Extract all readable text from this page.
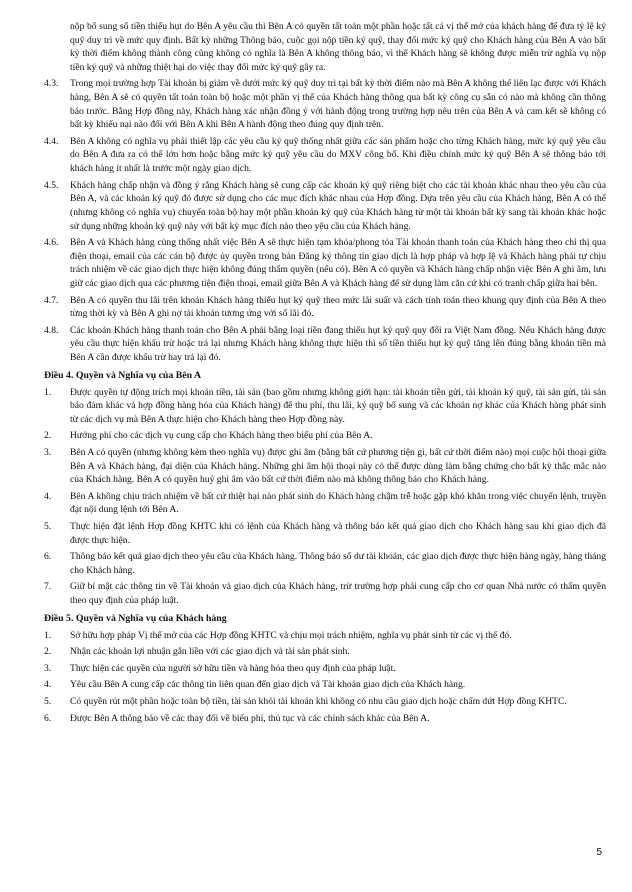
nộp bổ sung số tiền thiếu hụt do Bên A yêu cầu thì Bên A có quyền tất toán một phần hoặc tất cả vị thế mở của khách hàng để đưa tỷ lệ ký quỹ duy trì về mức quy định. Bất kỳ những Thông báo, cuộc gọi nộp tiền ký quỹ, thay đổi mức ký quỹ cho Khách hàng của Bên A vào bất kỳ thời điểm không thành công cũng không có nghĩa là Bên A không thông báo, vì thế Khách hàng sẽ không được miễn trừ nghĩa vụ nộp tiền ký quỹ và những thiệt hại do việc thay đổi mức ký quỹ gây ra.

4.3.	Trong mọi trường hợp Tài khoản bị giảm về dưới mức ký quỹ duy trì tại bất kỳ thời điểm nào mà Bên A không thể liên lạc được với Khách hàng, Bên A sẽ có quyền tất toán toàn bộ hoặc một phần vị thế của Khách hàng thông qua bất kỳ công cụ sẵn có nào mà không cần thông báo trước. Bằng Hợp đồng này, Khách hàng xác nhận đồng ý với hành động trong trường hợp nêu trên của Bên A và cam kết sẽ không có bất kỳ khiếu nại nào đối với Bên A khi Bên A hành động theo đúng quy định trên.
4.4.	Bên A không có nghĩa vụ phải thiết lập các yêu cầu ký quỹ thống nhất giữa các sản phẩm hoặc cho từng Khách hàng, mức ký quỹ yêu cầu do Bên A đưa ra có thể lớn hơn hoặc bằng mức ký quỹ yêu cầu do MXV công bố. Khi điều chỉnh mức ký quỹ Bên A sẽ thông báo tới khách hàng ít nhất là trước một ngày giao dịch.
4.5.	Khách hàng chấp nhận và đồng ý rằng Khách hàng sẽ cung cấp các khoản ký quỹ riêng biệt cho các tài khoản khác nhau theo yêu cầu của Bên A, và các khoản ký quỹ đó được sử dụng cho các mục đích khác nhau của Hợp đồng. Dựa trên yêu cầu của Khách hàng, Bên A có thể (nhưng không có nghĩa vụ) chuyển toàn bộ hay một phần khoản ký quỹ của Khách hàng từ một tài khoản bất kỳ sang tài khoản khác hoặc sử dụng những khoản ký quỹ này với bất kỳ mục đích nào theo yêu cầu của Khách hàng.
4.6.	Bên A và Khách hàng cùng thống nhất việc Bên A sẽ thực hiện tạm khóa/phong tỏa Tài khoản thanh toán của Khách hàng theo chỉ thị qua điện thoại, email của các cán bộ được ủy quyền trong bản Đăng ký thông tin giao dịch là hợp pháp và hợp lệ và Khách hàng phải tự chịu trách nhiệm về các giao dịch thực hiện không đúng thẩm quyền (nếu có). Bên A có quyền và Khách hàng chấp nhận việc Bên A ghi âm, lưu giữ các giao dịch qua các phương tiện điện thoại, email giữa Bên A và Khách hàng để sử dụng làm căn cứ khi có tranh chấp giữa hai bên.
4.7.	Bên A có quyền thu lãi trên khoản Khách hàng thiếu hụt ký quỹ theo mức lãi suất và cách tính toán theo khung quy định của Bên A theo từng thời kỳ và Bên A ghi nợ tài khoản tương ứng với số lãi đó.
4.8.	Các khoản Khách hàng thanh toán cho Bên A phải bằng loại tiền đang thiếu hụt ký quỹ quy đổi ra Việt Nam đồng. Nếu Khách hàng được yêu cầu thực hiện khấu trừ hoặc trả lại nhưng Khách hàng không thực hiện thì số tiền thiếu hụt ký quỹ tăng lên đúng bằng khoản tiền mà Bên A cần được khấu trừ hay trả lại đó.
Điều 4. Quyền và Nghĩa vụ của Bên A
1.	Được quyền tự động trích mọi khoản tiền, tài sản (bao gồm nhưng không giới hạn: tài khoản tiền gửi, tài khoản ký quỹ, tài sản gửi, tài sản bảo đảm khác và hợp đồng hàng hóa của Khách hàng) để thu phí, thu lãi, ký quỹ bổ sung và các khoản nợ khác của Khách hàng phát sinh từ các dịch vụ mà Bên A thực hiện cho Khách hàng theo Hợp đồng này.
2.	Hưởng phí cho các dịch vụ cung cấp cho Khách hàng theo biểu phí của Bên A.
3.	Bên A có quyền (nhưng không kèm theo nghĩa vụ) được ghi âm (bằng bất cứ phương tiện gì, bất cứ thời điểm nào) mọi cuộc hội thoại giữa Bên A và Khách hàng, đại diện của Khách hàng. Những ghi âm hội thoại này có thể được dùng làm bằng chứng cho bất kỳ thắc mắc nào của Khách hàng. Bên A có quyền huỷ ghi âm vào bất cứ thời điểm nào mà không thông báo cho Khách hàng.
4.	Bên A không chịu trách nhiệm về bất cứ thiệt hại nào phát sinh do Khách hàng chậm trễ hoặc gặp khó khăn trong việc chuyển lệnh, truyền đạt nội dung lệnh tới Bên A.
5.	Thực hiện đặt lệnh Hợp đồng KHTC khi có lệnh của Khách hàng và thông báo kết quả giao dịch cho Khách hàng sau khi giao dịch đã được thực hiện.
6.	Thông báo kết quả giao dịch theo yêu cầu của Khách hàng. Thông báo số dư tài khoản, các giao dịch được thực hiện hàng ngày, hàng tháng cho Khách hàng.
7.	Giữ bí mật các thông tin về Tài khoản và giao dịch của Khách hàng, trừ trường hợp phải cung cấp cho cơ quan Nhà nước có thẩm quyền theo quy định của pháp luật.
Điều 5. Quyền và Nghĩa vụ của Khách hàng
1.	Sở hữu hợp pháp Vị thế mở của các Hợp đồng KHTC và chịu mọi trách nhiệm, nghĩa vụ phát sinh từ các vị thế đó.
2.	Nhận các khoản lợi nhuận gắn liền với các giao dịch và tài sản phát sinh.
3.	Thực hiện các quyền của người sở hữu tiền và hàng hóa theo quy định của pháp luật.
4.	Yêu cầu Bên A cung cấp các thông tin liên quan đến giao dịch và Tài khoản giao dịch của Khách hàng.
5.	Có quyền rút một phần hoặc toàn bộ tiền, tài sản khỏi tài khoản khi không có nhu cầu giao dịch hoặc chấm dứt Hợp đồng KHTC.
6.	Được Bên A thông báo về các thay đổi về biểu phí, thủ tục và các chính sách khác của Bên A.
5
